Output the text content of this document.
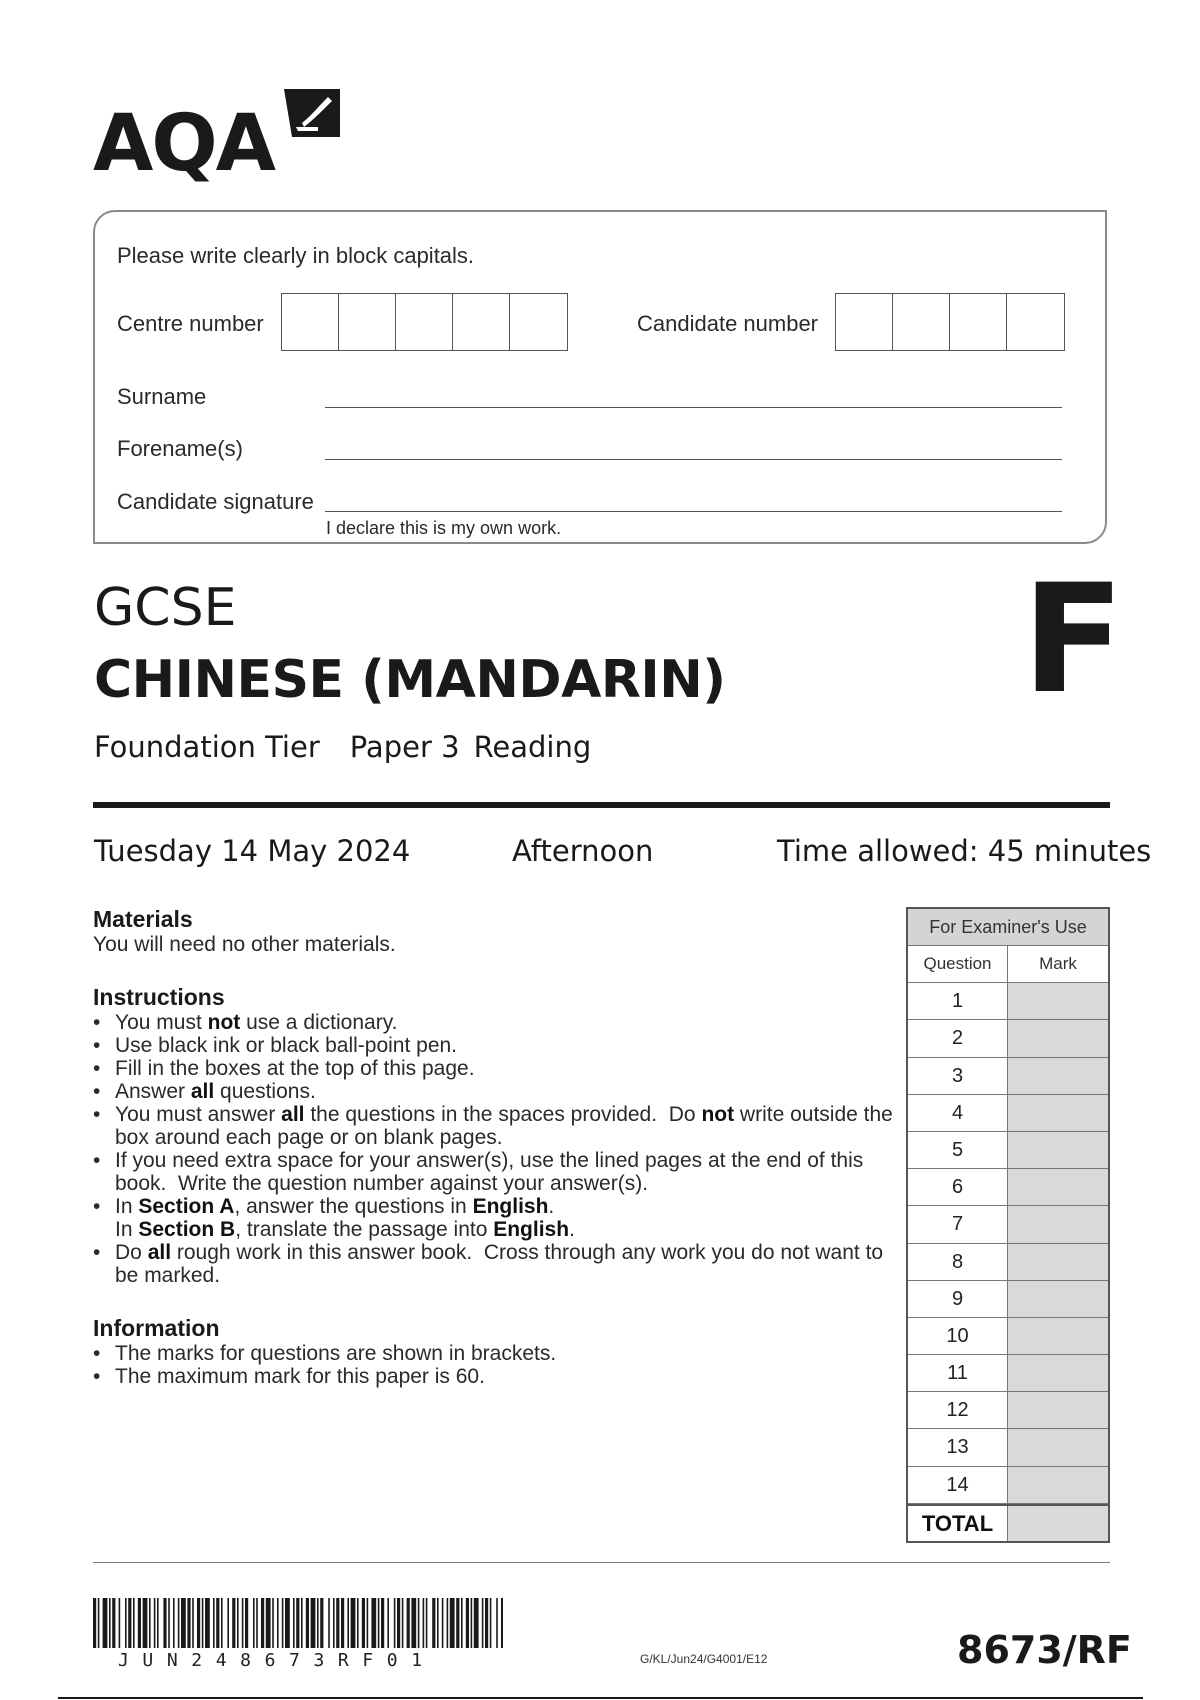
AQA
Please write clearly in block capitals.
Centre number	Candidate number
Surname
Forename(s)
Candidate signature
I declare this is my own work.
GCSE
CHINESE (MANDARIN)
Foundation Tier Paper 3 Reading
F
Tuesday 14 May 2024	Afternoon	Time allowed: 45 minutes
Materials
You will need no other materials.
Instructions
• You must not use a dictionary.
• Use black ink or black ball-point pen.
• Fill in the boxes at the top of this page.
• Answer all questions.
• You must answer all the questions in the spaces provided.  Do not write outside the box around each page or on blank pages.
• If you need extra space for your answer(s), use the lined pages at the end of this book.  Write the question number against your answer(s).
• In Section A, answer the questions in English.
In Section B, translate the passage into English.
• Do all rough work in this answer book.  Cross through any work you do not want to be marked.
Information
• The marks for questions are shown in brackets.
• The maximum mark for this paper is 60.
For Examiner's Use
Question	Mark
1
2
3
4
5
6
7
8
9
10
11
12
13
14
TOTAL
JUN248673RF01	G/KL/Jun24/G4001/E12	8673/RF
